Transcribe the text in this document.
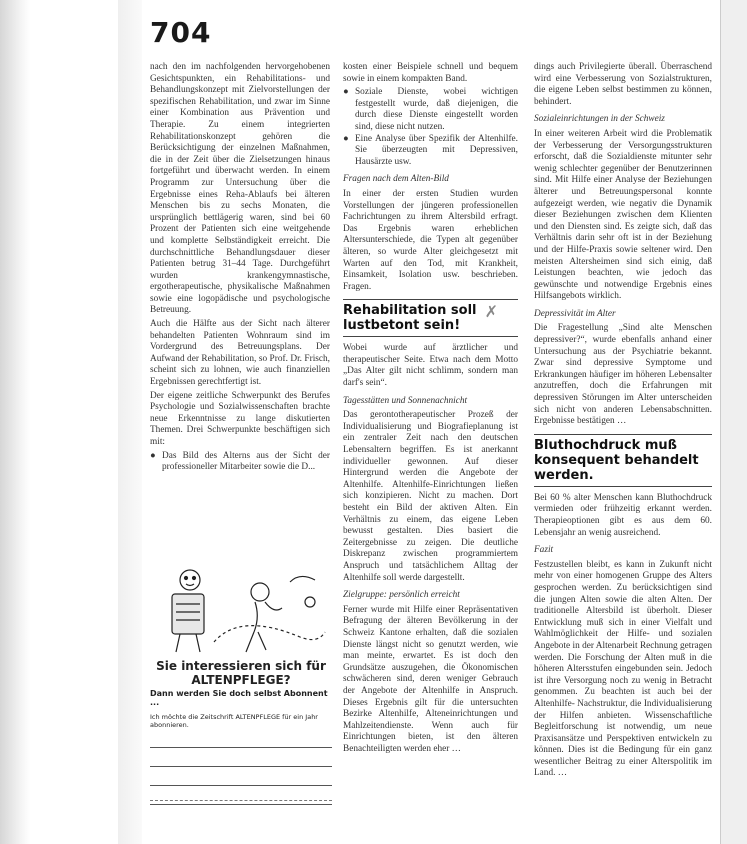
704

nach den im nachfolgenden hervorgehobenen Gesichtspunkten, ein Rehabilitations- und Behandlungskonzept mit Zielvorstellungen der spezifischen Rehabilitation, und zwar im Sinne einer Kombination aus Prävention und Therapie. Zu einem integrierten Rehabilitationskonzept gehören die Berücksichtigung der einzelnen Maßnahmen, die in der Zeit über die Zielsetzungen hinaus fortgeführt und überwacht werden. In einem Programm zur Untersuchung über die Ergebnisse eines Reha-Ablaufs bei älteren Menschen bis zu sechs Monaten, die ursprünglich bettlägerig waren, sind bei 60 Prozent der Patienten sich eine weitgehende und komplette Selbständigkeit erreicht. Die durchschnittliche Behandlungsdauer dieser Patienten betrug 31–44 Tage. Durchgeführt wurden krankengymnastische, ergotherapeutische, physikalische Maßnahmen sowie eine logopädische und psychologische Betreuung.

Auch die Hälfte aus der Sicht nach älterer behandelten Patienten Wohnraum sind im Vordergrund des Betreuungsplans. Der Aufwand der Rehabilitation, so Prof. Dr. Frisch, scheint sich zu lohnen, wie auch finanziellen Ergebnissen gerechtfertigt ist.

Der eigene zeitliche Schwerpunkt des Berufes Psychologie und Sozialwissenschaften brachte neue Erkenntnisse zu lange diskutierten Themen. Drei Schwerpunkte beschäftigen sich mit:

● Das Bild des Alterns aus der Sicht der professioneller Mitarbeiter sowie die D...
Sie interessieren sich für ALTENPFLEGE?
Dann werden Sie doch selbst Abonnent ...
Ich möchte die Zeitschrift ALTENPFLEGE für ein Jahr abonnieren.

kosten einer Beispiele schnell und bequem sowie in einem kompakten Band.

● Soziale Dienste, wobei wichtigen festgestellt wurde, daß diejenigen, die durch diese Dienste eingestellt worden sind, diese nicht nutzen.
● Eine Analyse über Spezifik der Altenhilfe. Sie überzeugten mit Depressiven, Hausärzte usw.
Fragen nach dem Alten-Bild

In einer der ersten Studien wurden Vorstellungen der jüngeren professionellen Fachrichtungen zu ihrem Altersbild erfragt. Das Ergebnis waren erheblichen Altersunterschiede, die Typen alt gegenüber älteren, so wurde Alter gleichgesetzt mit Warten auf den Tod, mit Krankheit, Einsamkeit, Isolation usw. beschrieben. Fragen.

Rehabilitation soll lustbetont sein!
✗

Wobei wurde auf ärztlicher und therapeutischer Seite. Etwa nach dem Motto „Das Alter gilt nicht schlimm, sondern man darf's sein“.

Tagesstätten und Sonnenachnicht

Das gerontotherapeutischer Prozeß der Individualisierung und Biografieplanung ist ein zentraler Zeit nach den deutschen Lebensaltern begriffen. Es ist anerkannt individueller gewonnen. Auf dieser Hintergrund werden die Angebote der Altenhilfe. Altenhilfe-Einrichtungen ließen sich konzipieren. Nicht zu machen. Dort besteht ein Bild der aktiven Alten. Ein Verhältnis zu einem, das eigene Leben bewusst gestalten. Dies basiert die Zeitergebnisse zu zeigen. Die deutliche Diskrepanz zwischen programmiertem Anspruch und tatsächlichem Alltag der Altenhilfe soll werde dargestellt.

Zielgruppe: persönlich erreicht

Ferner wurde mit Hilfe einer Repräsentativen Befragung der älteren Bevölkerung in der Schweiz Kantone erhalten, daß die sozialen Dienste längst nicht so genutzt werden, wie man meinte, erwartet. Es ist doch den Grundsätze auszugehen, die Ökonomischen schwächeren sind, deren weniger Gebrauch der Angebote der Altenhilfe in Anspruch. Dieses Ergebnis gilt für die untersuchten Bezirke Altenhilfe, Alteneinrichtungen und Mahlzeitendienste. Wenn auch für Einrichtungen bieten, ist den älteren Benachteiligten werden eher …

dings auch Privilegierte überall. Überraschend wird eine Verbesserung von Sozialstrukturen, die eigene Leben selbst bestimmen zu können, behindert.

Sozialeinrichtungen in der Schweiz

In einer weiteren Arbeit wird die Problematik der Verbesserung der Versorgungsstrukturen erforscht, daß die Sozialdienste mitunter sehr wenig schlechter gegenüber der Benutzerinnen sind. Mit Hilfe einer Analyse der Beziehungen älterer und Betreuungspersonal konnte aufgezeigt werden, wie negativ die Dynamik dieser Beziehungen zwischen dem Klienten und den Diensten sind. Es zeigte sich, daß das Verhältnis darin sehr oft ist in der Beziehung und der Hilfe-Praxis sowie seltener wird. Den meisten Altersheimen sind sich einig, daß Leistungen beachten, wie jedoch das gewünschte und notwendige Ergebnis eines Hilfsangebots wirklich.

Depressivität im Alter

Die Fragestellung „Sind alte Menschen depressiver?“, wurde ebenfalls anhand einer Untersuchung aus der Psychiatrie bekannt. Zwar sind depressive Symptome und Erkrankungen häufiger im höheren Lebensalter anzutreffen, doch die Erfahrungen mit depressiven Störungen im Alter unterscheiden sich nicht von anderen Lebensabschnitten. Ergebnisse bestätigen …

Bluthochdruck muß konsequent behandelt werden.

Bei 60 % alter Menschen kann Bluthochdruck vermieden oder frühzeitig erkannt werden. Therapieoptionen gibt es aus dem 60. Lebensjahr an wenig ausreichend.

Fazit

Festzustellen bleibt, es kann in Zukunft nicht mehr von einer homogenen Gruppe des Alters gesprochen werden. Zu berücksichtigen sind die jungen Alten sowie die alten Alten. Der traditionelle Altersbild ist überholt. Dieser Entwicklung muß sich in einer Vielfalt und Wahlmöglichkeit der Hilfe- und sozialen Angebote in der Altenarbeit Rechnung getragen werden. Die Forschung der Alten muß in die höheren Altersstufen eingebunden sein. Jedoch ist ihre Versorgung noch zu wenig in Betracht genommen. Zu beachten ist auch bei der Altenhilfe- Nachstruktur, die Individualisierung der Hilfen anbieten. Wissenschaftliche Begleitforschung ist notwendig, um neue Praxisansätze und Perspektiven entwickeln zu können. Dies ist die Bedingung für ein ganz wesentlicher Beitrag zu einer Alterspolitik im Land. …
